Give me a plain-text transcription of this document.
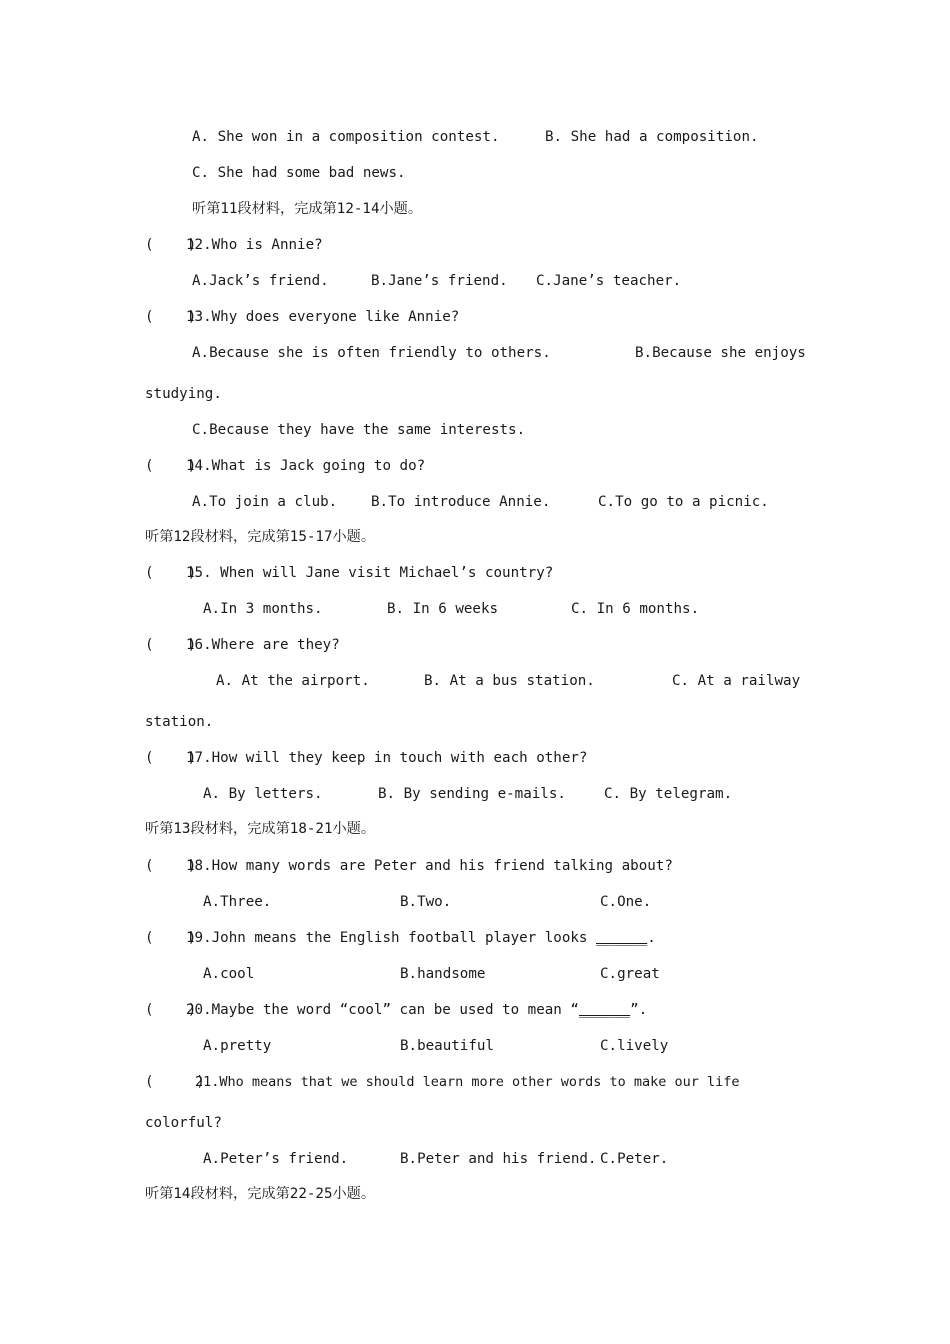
A. She won in a composition contest.	B. She had a composition.
C. She had some bad news.
听第11段材料，完成第12-14小题。
(    )
12.Who is Annie?
A.Jack’s friend.	B.Jane’s friend. C.Jane’s teacher.
(    )
13.Why does everyone like Annie?
A.Because she is often friendly to others.	B.Because she enjoys
studying.
C.Because they have the same interests.
(    )
14.What is Jack going to do?
A.To join a club. B.To introduce Annie.	C.To go to a picnic.
听第12段材料，完成第15-17小题。
(    )
15. When will Jane visit Michael’s country?
A.In 3 months.	B. In 6 weeks	C. In 6 months.
(    )
16.Where are they?
A. At the airport.	B. At a bus station.	C. At a railway
station.
(    )
17.How will they keep in touch with each other?
A. By letters.	B. By sending e-mails.	C. By telegram.
听第13段材料，完成第18-21小题。
(    )
18.How many words are Peter and his friend talking about?
A.Three.	B.Two.	C.One.
(    )
19.John means the English football player looks ______.
A.cool	B.handsome	C.great
(    )
20.Maybe the word “cool” can be used to mean “______”.
A.pretty	B.beautiful	C.lively
(     )
21.Who means that we should learn more other words to make our life
colorful?
A.Peter’s friend.	B.Peter and his friend. C.Peter.
听第14段材料，完成第22-25小题。
